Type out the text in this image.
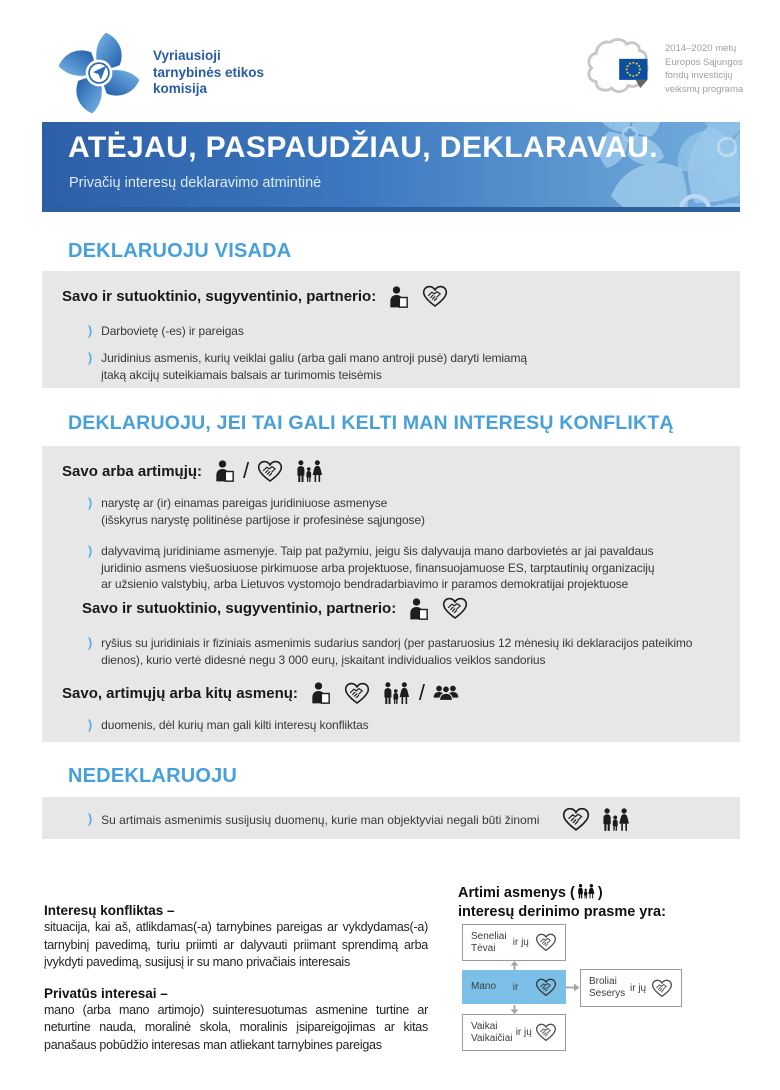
Vyriausioji
tarnybinės etikos
komisija
2014–2020 metų
Europos Sąjungos
fondų investicijų
veiksmų programa
ATĖJAU, PASPAUDŽIAU, DEKLARAVAU.

Privačių interesų deklaravimo atmintinė

DEKLARUOJU VISADA
Savo ir sutuoktinio, sugyventinio, partnerio:
) Darbovietę (-es) ir pareigas
) Juridinius asmenis, kurių veiklai galiu (arba gali mano antroji pusė) daryti lemiamą
įtaką akcijų suteikiamais balsais ar turimomis teisėmis
DEKLARUOJU, JEI TAI GALI KELTI MAN INTERESŲ KONFLIKTĄ
Savo arba artimųjų: /
) narystę ar (ir) einamas pareigas juridiniuose asmenyse
(išskyrus narystę politinėse partijose ir profesinėse sąjungose)
) dalyvavimą juridiniame asmenyje. Taip pat pažymiu, jeigu šis dalyvauja mano darbovietės ar jai pavaldaus
juridinio asmens viešuosiuose pirkimuose arba projektuose, finansuojamuose ES, tarptautinių organizacijų
ar užsienio valstybių, arba Lietuvos vystomojo bendradarbiavimo ir paramos demokratijai projektuose
Savo ir sutuoktinio, sugyventinio, partnerio:
) ryšius su juridiniais ir fiziniais asmenimis sudarius sandorį (per pastaruosius 12 mėnesių iki deklaracijos pateikimo
dienos), kurio vertė didesnė negu 3 000 eurų, įskaitant individualios veiklos sandorius
Savo, artimųjų arba kitų asmenų:	/
) duomenis, dėl kurių man gali kilti interesų konfliktas
NEDEKLARUOJU
) Su artimais asmenimis susijusių duomenų, kurie man objektyviai negali būti žinomi
Interesų konfliktas –
situacija, kai aš, atlikdamas(-a) tarnybines pareigas ar vykdydamas(-a) tarnybinį pavedimą, turiu priimti ar dalyvauti priimant sprendimą arba įvykdyti pavedimą, susijusį ir su mano privačiais interesais
Privatūs interesai –
mano (arba mano artimojo) suinteresuotumas asmenine turtine ar neturtine nauda, moralinė skola, moralinis įsipareigojimas ar kitas panašaus pobūdžio interesas man atliekant tarnybines pareigas
Artimi asmenys ( )
interesų derinimo prasme yra:
Seneliai
Tėvai	ir jų
Mano ir	Broliai
Seserys ir jų
Vaikai
Vaikaičiai ir jų
